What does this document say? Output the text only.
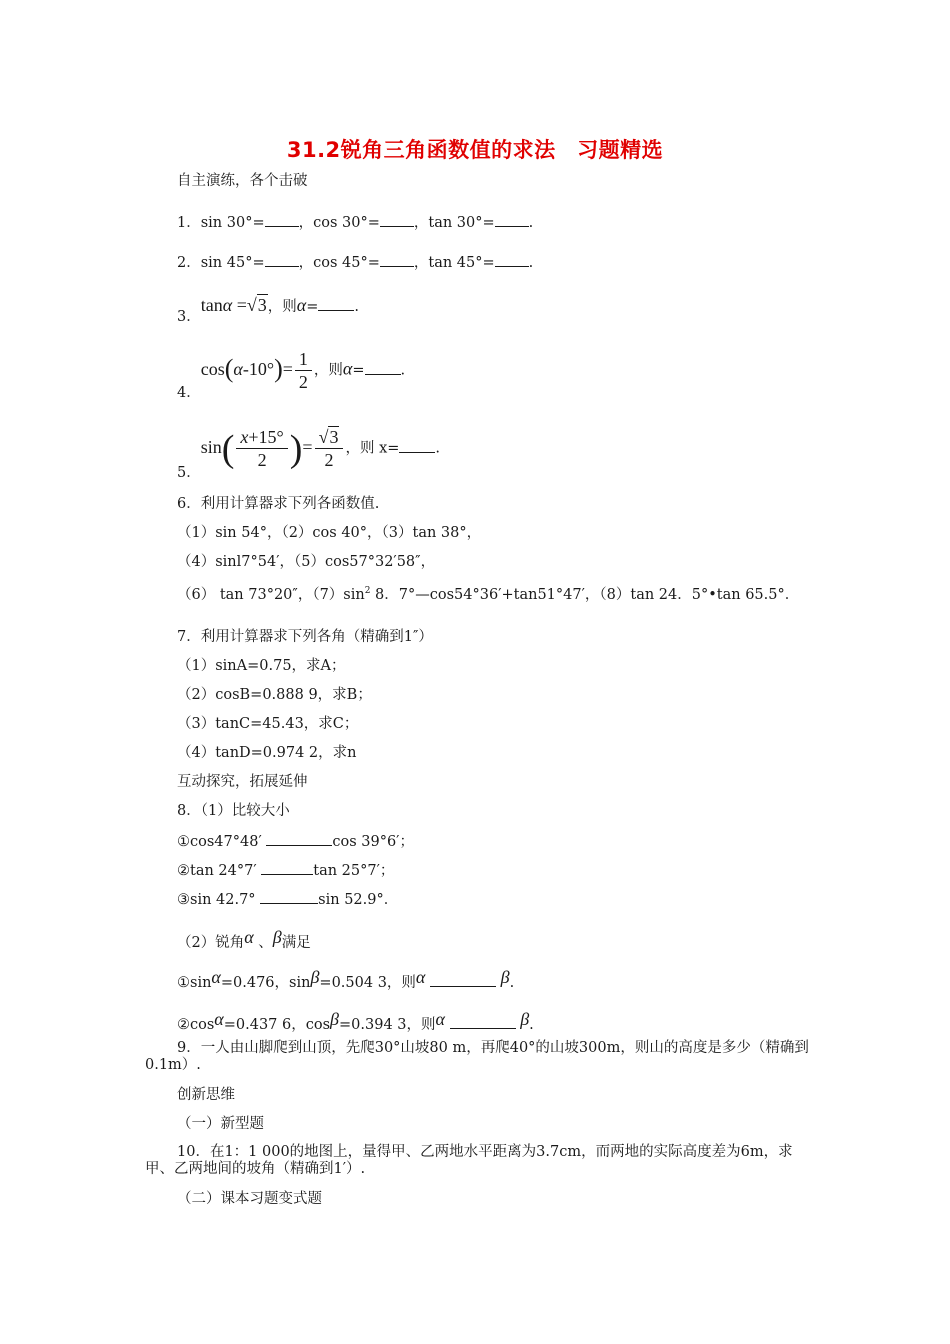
31.2锐角三角函数值的求法　习题精选
自主演练，各个击破
1．sin 30°= ，cos 30°= ，tan 30°= .
2．sin 45°= ，cos 45°= ，tan 45°= .
3．tanα =√3，则α= .
4．$\cos(\alpha-10^\circ)= \frac{1}{2}$ ，则α= .
5．$\sin( \frac{x+15^\circ}{2}$ )= $\frac{√3}{2}$ ，则 x= .
6．利用计算器求下列各函数值.
（1）sin 54°，（2）cos 40°，（3）tan 38°，
（4）sinl7°54′，（5）cos57°32′58″，
（6） tan 73°20″，$(7)\sin^2$ 8．7°—cos54°36′+tan51°47′，（8）tan 24．5°•tan 65.5°．
7．利用计算器求下列各角（精确到1″）
（1）sinA=0.75，求A；
（2）cosB=0.888 9，求B；
（3）tanC=45.43，求C；
（4）tanD=0.974 2，求n
互动探究，拓展延伸
8．（1）比较大小
①cos47°48′	cos 39°6′；
②tan 24°7′	tan 25°7′；
③sin 42.7°	sin 52.9°．
（2）锐角α 、β满足
①sinα=0.476，sinβ=0.504 3，则α	β.
②cosα=0.437 6，cosβ=0.394 3，则α	β.
9．一人由山脚爬到山顶，先爬30°山坡80 m，再爬40°的山坡300m，则山的高度是多少（精确到0.1m）.
创新思维
（一）新型题
10．在1：1 000的地图上，量得甲、乙两地水平距离为3.7cm，而两地的实际高度差为6m，求甲、乙两地间的坡角（精确到1′）.
（二）课本习题变式题
